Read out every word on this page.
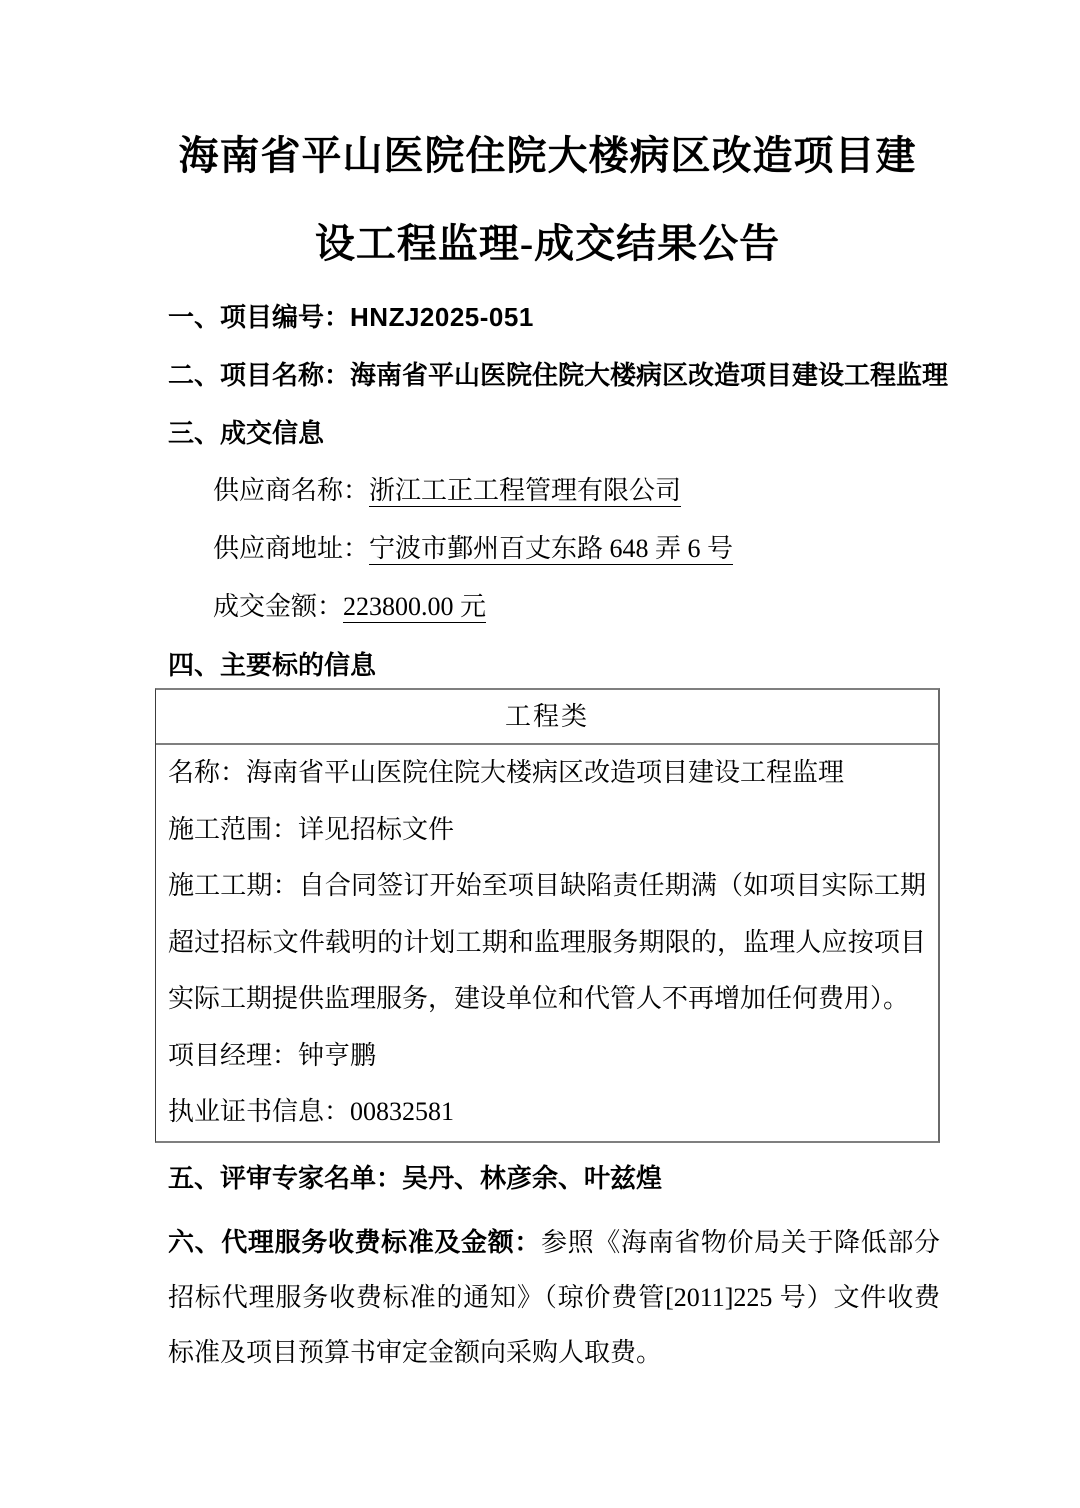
海南省平山医院住院大楼病区改造项目建
设工程监理-成交结果公告
一、项目编号：HNZJ2025-051
二、项目名称：海南省平山医院住院大楼病区改造项目建设工程监理
三、成交信息
供应商名称：浙江工正工程管理有限公司
供应商地址：宁波市鄞州百丈东路 648 弄 6 号
成交金额：223800.00 元
四、主要标的信息
工程类
名称：海南省平山医院住院大楼病区改造项目建设工程监理
施工范围：详见招标文件
施工工期：自合同签订开始至项目缺陷责任期满（如项目实际工期超过招标文件载明的计划工期和监理服务期限的，监理人应按项目实际工期提供监理服务，建设单位和代管人不再增加任何费用）。
项目经理：钟亨鹏
执业证书信息：00832581
五、评审专家名单：吴丹、林彦余、叶兹煌
六、代理服务收费标准及金额：参照《海南省物价局关于降低部分招标代理服务收费标准的通知》（琼价费管[2011]225 号）文件收费标准及项目预算书审定金额向采购人取费。
